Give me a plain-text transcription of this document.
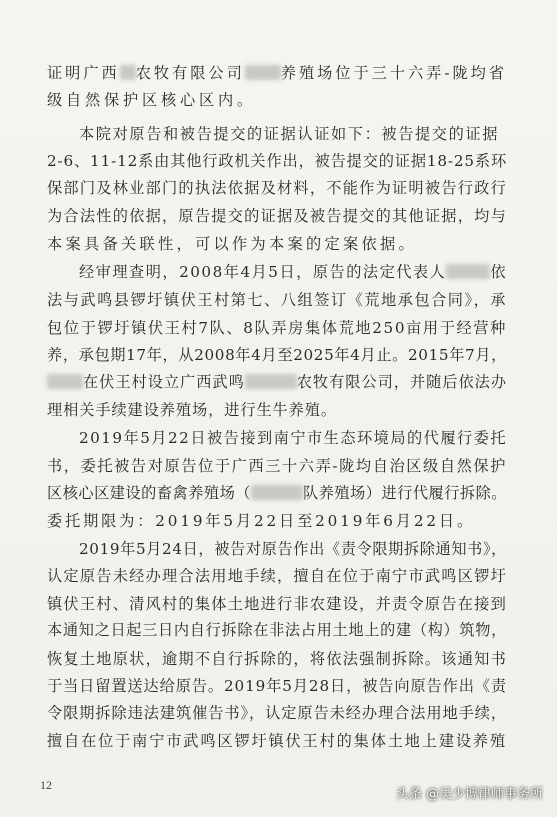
证明广西 农牧有限公司 养殖场位于三十六弄-陇均省
级自然保护区核心区内。
本院对原告和被告提交的证据认证如下：被告提交的证据
2-6、11-12系由其他行政机关作出，被告提交的证据18-25系环
保部门及林业部门的执法依据及材料，不能作为证明被告行政行
为合法性的依据，原告提交的证据及被告提交的其他证据，均与
本案具备关联性，可以作为本案的定案依据。
经审理查明，2008年4月5日，原告的法定代表人	依
法与武鸣县锣圩镇伏王村第七、八组签订《荒地承包合同》，承
包位于锣圩镇伏王村7队、8队弄房集体荒地250亩用于经营种
养，承包期17年，从2008年4月至2025年4月止。2015年7月，
在伏王村设立广西武鸣	农牧有限公司，并随后依法办
理相关手续建设养殖场，进行生牛养殖。
2019年5月22日被告接到南宁市生态环境局的代履行委托
书，委托被告对原告位于广西三十六弄-陇均自治区级自然保护
区核心区建设的畜禽养殖场（	队养殖场）进行代履行拆除。
委托期限为：2019年5月22日至2019年6月22日。
2019年5月24日，被告对原告作出《责令限期拆除通知书》，
认定原告未经办理合法用地手续，擅自在位于南宁市武鸣区锣圩
镇伏王村、清风村的集体土地进行非农建设，并责令原告在接到
本通知之日起三日内自行拆除在非法占用土地上的建（构）筑物，
恢复土地原状，逾期不自行拆除的，将依法强制拆除。该通知书
于当日留置送达给原告。2019年5月28日，被告向原告作出《责
令限期拆除违法建筑催告书》，认定原告未经办理合法用地手续，
擅自在位于南宁市武鸣区锣圩镇伏王村的集体土地上建设养殖
12
头条 @吴少博律师事务所
